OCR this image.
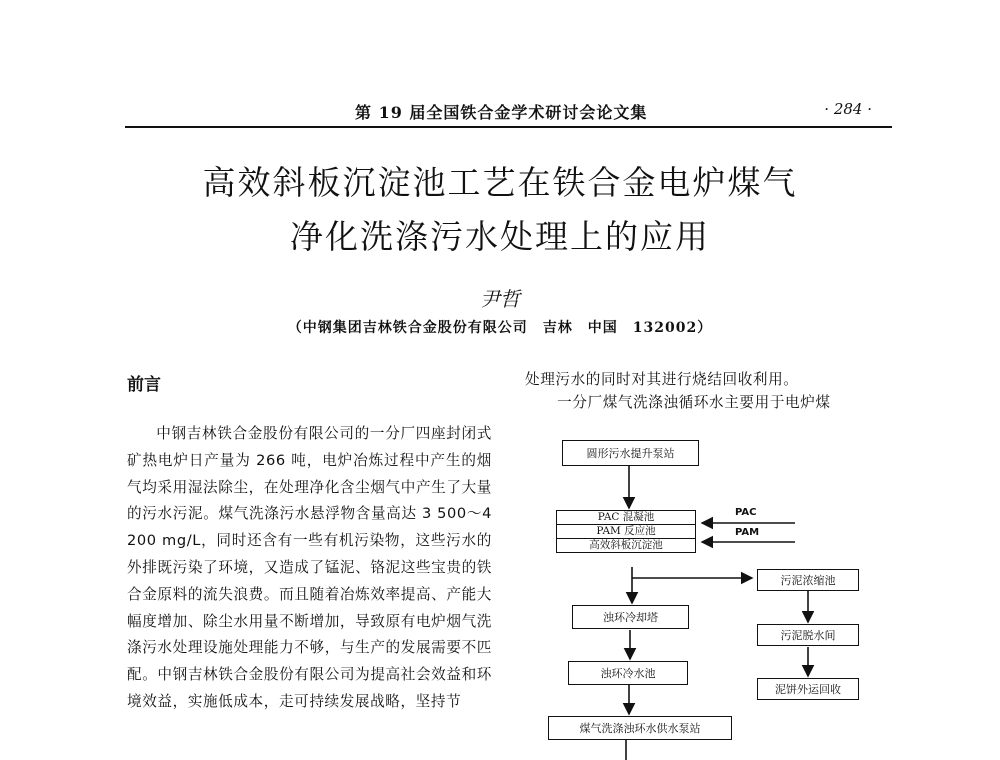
第 19 届全国铁合金学术研讨会论文集	· 284 ·
高效斜板沉淀池工艺在铁合金电炉煤气
净化洗涤污水处理上的应用
尹哲
（中钢集团吉林铁合金股份有限公司　吉林　中国　132002）
前言

中钢吉林铁合金股份有限公司的一分厂四座封闭式矿热电炉日产量为 266 吨，电炉冶炼过程中产生的烟气均采用湿法除尘，在处理净化含尘烟气中产生了大量的污水污泥。煤气洗涤污水悬浮物含量高达 3 500～4 200 mg/L，同时还含有一些有机污染物，这些污水的外排既污染了环境，又造成了锰泥、铬泥这些宝贵的铁合金原料的流失浪费。而且随着冶炼效率提高、产能大幅度增加、除尘水用量不断增加，导致原有电炉烟气洗涤污水处理设施处理能力不够，与生产的发展需要不匹配。中钢吉林铁合金股份有限公司为提高社会效益和环境效益，实施低成本，走可持续发展战略，坚持节

处理污水的同时对其进行烧结回收利用。
一分厂煤气洗涤浊循环水主要用于电炉煤
圆形污水提升泵站
PAC 混凝池
PAM 反应池
高效斜板沉淀池
PAC
PAM
浊环冷却塔
浊环冷水池
煤气洗涤浊环水供水泵站
污泥浓缩池
污泥脱水间
泥饼外运回收
